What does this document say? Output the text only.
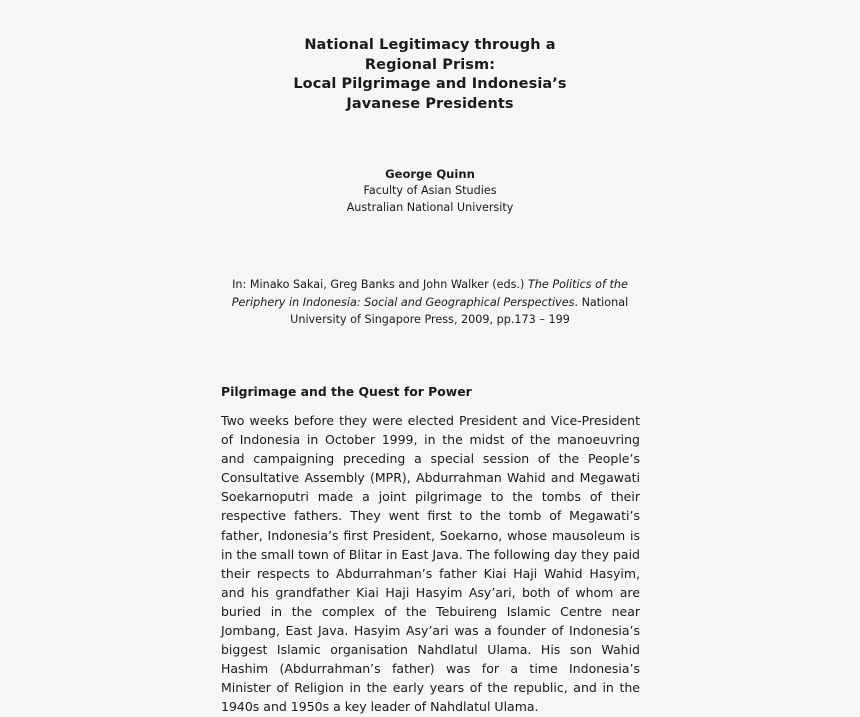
National Legitimacy through a
Regional Prism:
Local Pilgrimage and Indonesia’s
Javanese Presidents
George Quinn
Faculty of Asian Studies
Australian National University
In: Minako Sakai, Greg Banks and John Walker (eds.) The Politics of the Periphery in Indonesia: Social and Geographical Perspectives. National University of Singapore Press, 2009, pp.173 – 199
Pilgrimage and the Quest for Power

Two weeks before they were elected President and Vice-President of Indonesia in October 1999, in the midst of the manoeuvring and campaigning preceding a special session of the People’s Consultative Assembly (MPR), Abdurrahman Wahid and Megawati Soekarnoputri made a joint pilgrimage to the tombs of their respective fathers. They went first to the tomb of Megawati’s father, Indonesia’s first President, Soekarno, whose mausoleum is in the small town of Blitar in East Java. The following day they paid their respects to Abdurrahman’s father Kiai Haji Wahid Hasyim, and his grandfather Kiai Haji Hasyim Asy’ari, both of whom are buried in the complex of the Tebuireng Islamic Centre near Jombang, East Java. Hasyim Asy’ari was a founder of Indonesia’s biggest Islamic organisation Nahdlatul Ulama. His son Wahid Hashim (Abdurrahman’s father) was for a time Indonesia’s Minister of Religion in the early years of the republic, and in the 1940s and 1950s a key leader of Nahdlatul Ulama.
